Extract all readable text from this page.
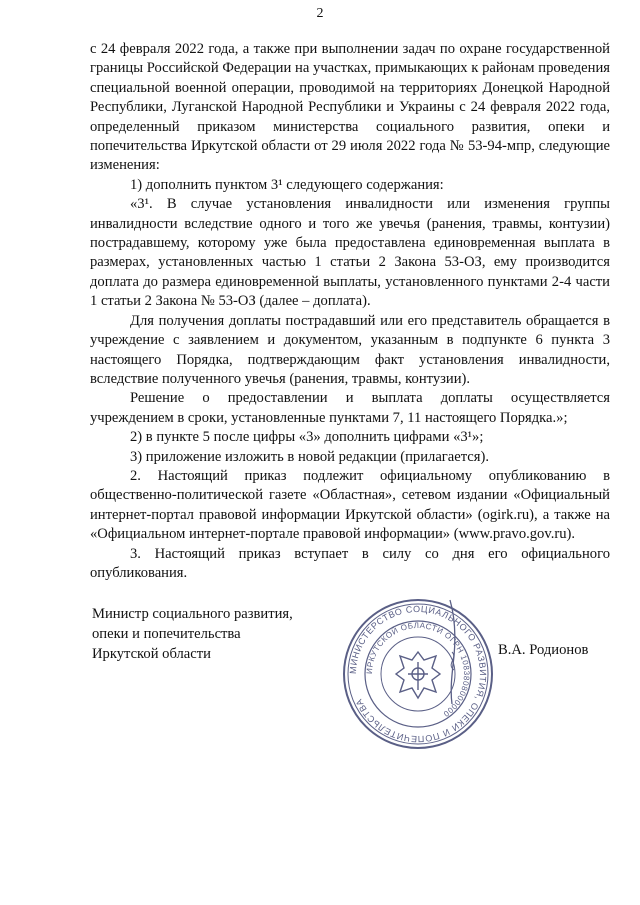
2

с 24 февраля 2022 года, а также при выполнении задач по охране государственной границы Российской Федерации на участках, примыкающих к районам проведения специальной военной операции, проводимой на территориях Донецкой Народной Республики, Луганской Народной Республики и Украины с 24 февраля 2022 года, определенный приказом министерства социального развития, опеки и попечительства Иркутской области от 29 июля 2022 года № 53-94-мпр, следующие изменения:

1) дополнить пунктом 3¹ следующего содержания:

«3¹. В случае установления инвалидности или изменения группы инвалидности вследствие одного и того же увечья (ранения, травмы, контузии) пострадавшему, которому уже была предоставлена единовременная выплата в размерах, установленных частью 1 статьи 2 Закона 53-ОЗ, ему производится доплата до размера единовременной выплаты, установленного пунктами 2-4 части 1 статьи 2 Закона № 53-ОЗ (далее – доплата).

Для получения доплаты пострадавший или его представитель обращается в учреждение с заявлением и документом, указанным в подпункте 6 пункта 3 настоящего Порядка, подтверждающим факт установления инвалидности, вследствие полученного увечья (ранения, травмы, контузии).

Решение о предоставлении и выплата доплаты осуществляется учреждением в сроки, установленные пунктами 7, 11 настоящего Порядка.»;

2) в пункте 5 после цифры «3» дополнить цифрами «3¹»;

3) приложение изложить в новой редакции (прилагается).

2. Настоящий приказ подлежит официальному опубликованию в общественно-политической газете «Областная», сетевом издании «Официальный интернет-портал правовой информации Иркутской области» (ogirk.ru), а также на «Официальном интернет-портале правовой информации» (www.pravo.gov.ru).

3. Настоящий приказ вступает в силу со дня его официального опубликования.

Министр социального развития,
опеки и попечительства
Иркутской области
МИНИСТЕРСТВО СОЦИАЛЬНОГО РАЗВИТИЯ, ОПЕКИ И ПОПЕЧИТЕЛЬСТВА
ИРКУТСКОЙ ОБЛАСТИ ОГРН 1083808000000
В.А. Родионов
